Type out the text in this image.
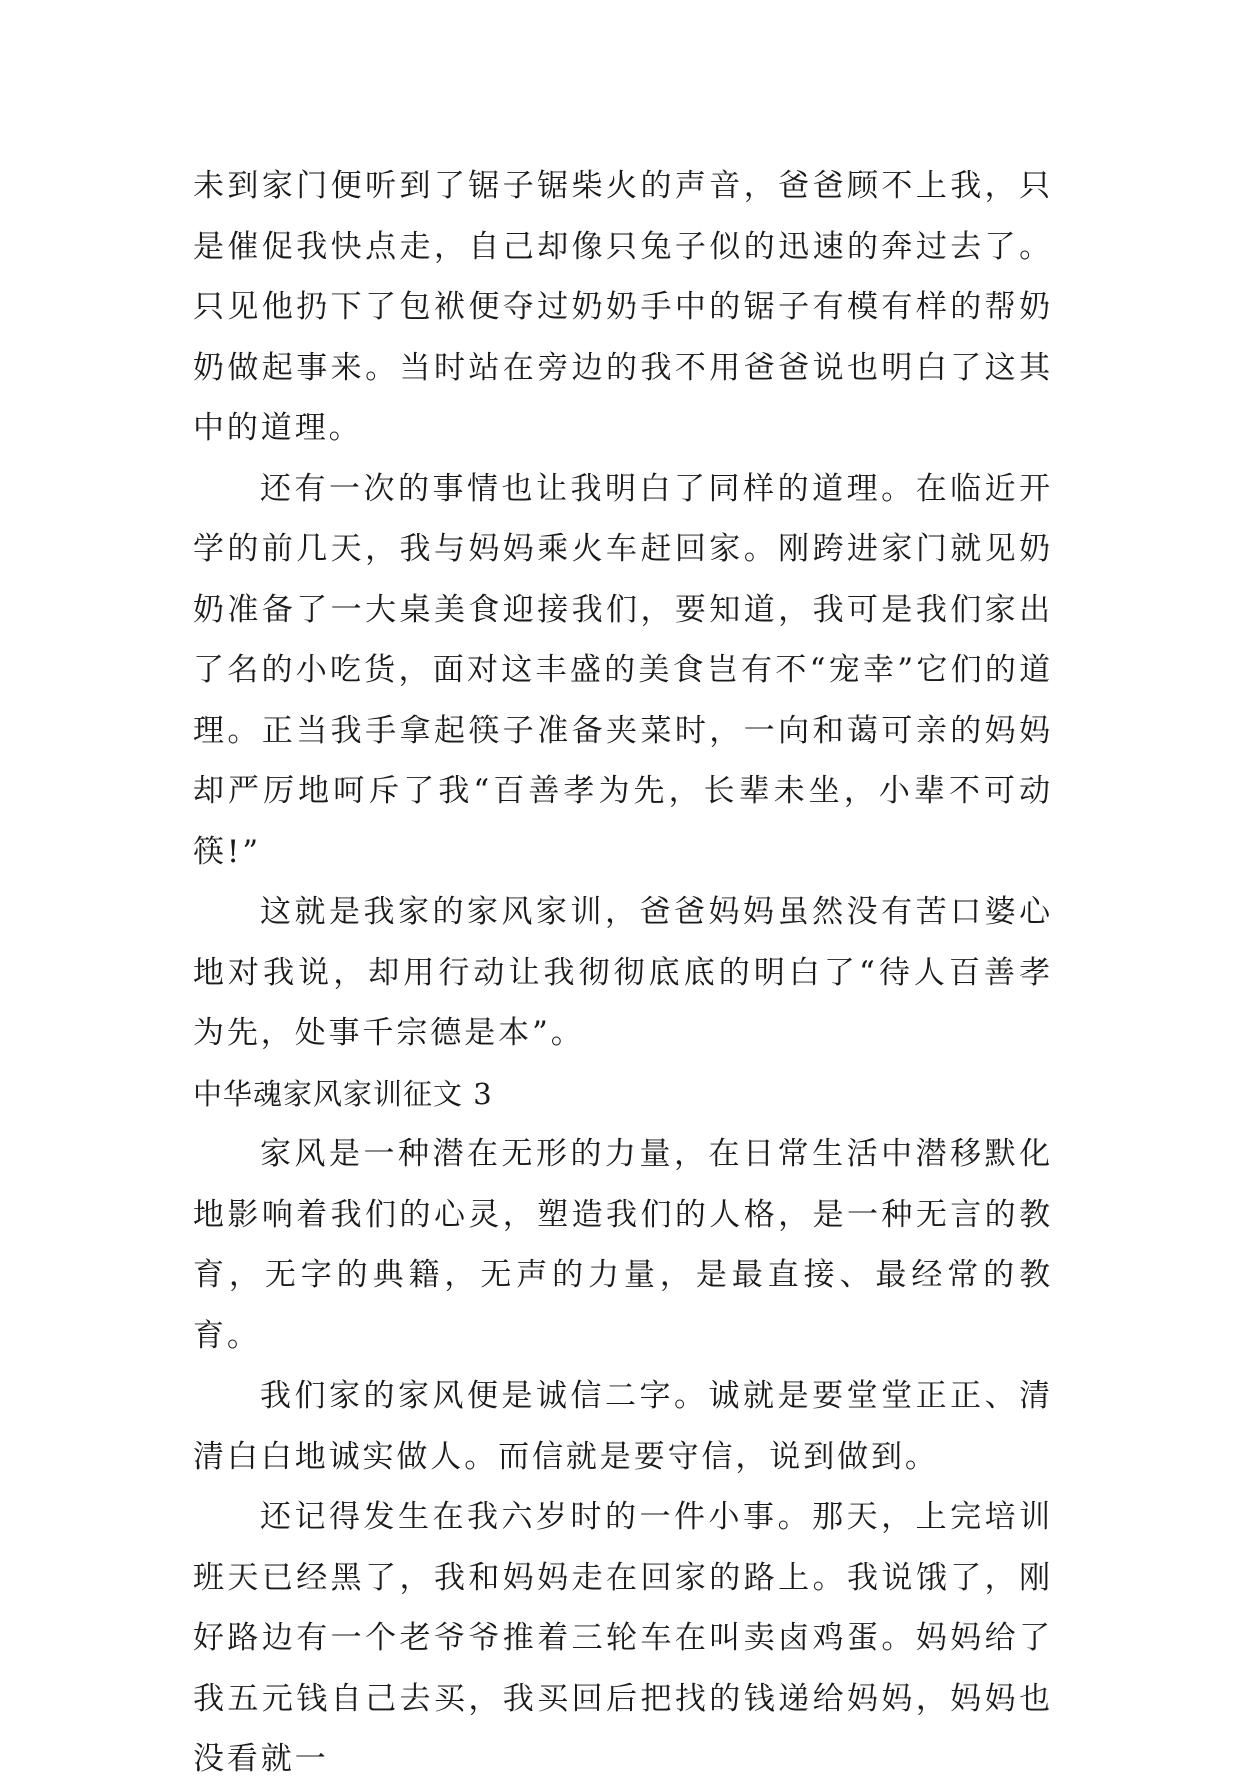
未到家门便听到了锯子锯柴火的声音，爸爸顾不上我，只是催促我快点走，自己却像只兔子似的迅速的奔过去了。只见他扔下了包袱便夺过奶奶手中的锯子有模有样的帮奶奶做起事来。当时站在旁边的我不用爸爸说也明白了这其中的道理。

还有一次的事情也让我明白了同样的道理。在临近开学的前几天，我与妈妈乘火车赶回家。刚跨进家门就见奶奶准备了一大桌美食迎接我们，要知道，我可是我们家出了名的小吃货，面对这丰盛的美食岂有不“宠幸”它们的道理。正当我手拿起筷子准备夹菜时，一向和蔼可亲的妈妈却严厉地呵斥了我“百善孝为先，长辈未坐，小辈不可动筷!”

这就是我家的家风家训，爸爸妈妈虽然没有苦口婆心地对我说，却用行动让我彻彻底底的明白了“待人百善孝为先，处事千宗德是本”。

中华魂家风家训征文 3

家风是一种潜在无形的力量，在日常生活中潜移默化地影响着我们的心灵，塑造我们的人格，是一种无言的教育，无字的典籍，无声的力量，是最直接、最经常的教育。

我们家的家风便是诚信二字。诚就是要堂堂正正、清清白白地诚实做人。而信就是要守信，说到做到。

还记得发生在我六岁时的一件小事。那天，上完培训班天已经黑了，我和妈妈走在回家的路上。我说饿了，刚好路边有一个老爷爷推着三轮车在叫卖卤鸡蛋。妈妈给了我五元钱自己去买，我买回后把找的钱递给妈妈，妈妈也没看就一
